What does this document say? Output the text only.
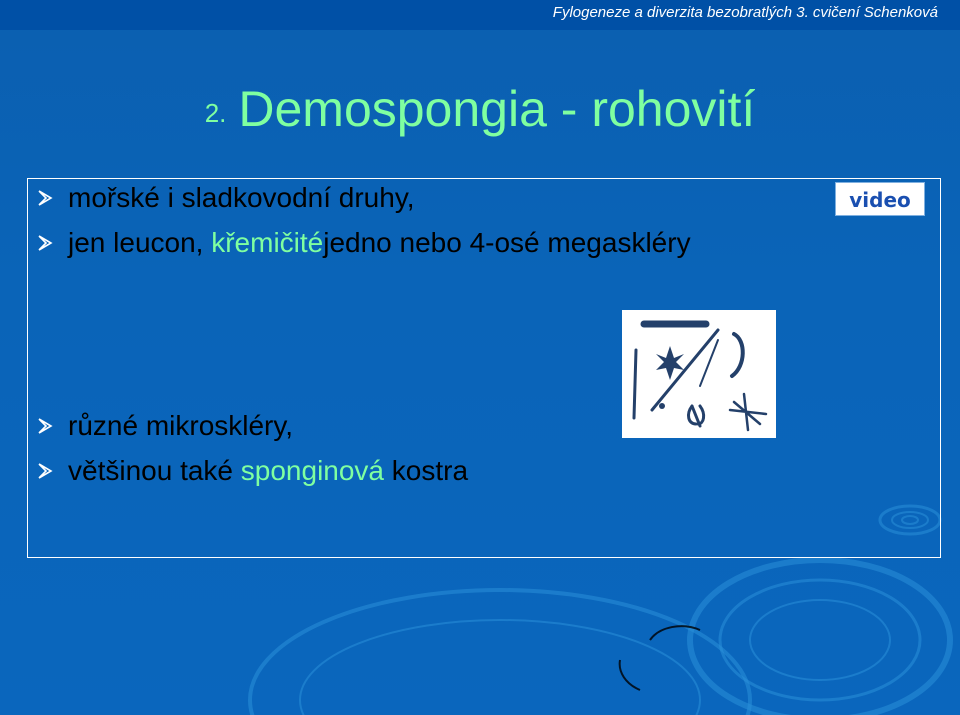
Fylogeneze a diverzita bezobratlých 3. cvičení Schenková
2. Demospongia - rohovití
mořské i sladkovodní druhy,
jen leucon,
křemičité jedno nebo 4-osé megaskléry
video
různé mikroskléry,
většinou také
sponginová
kostra
